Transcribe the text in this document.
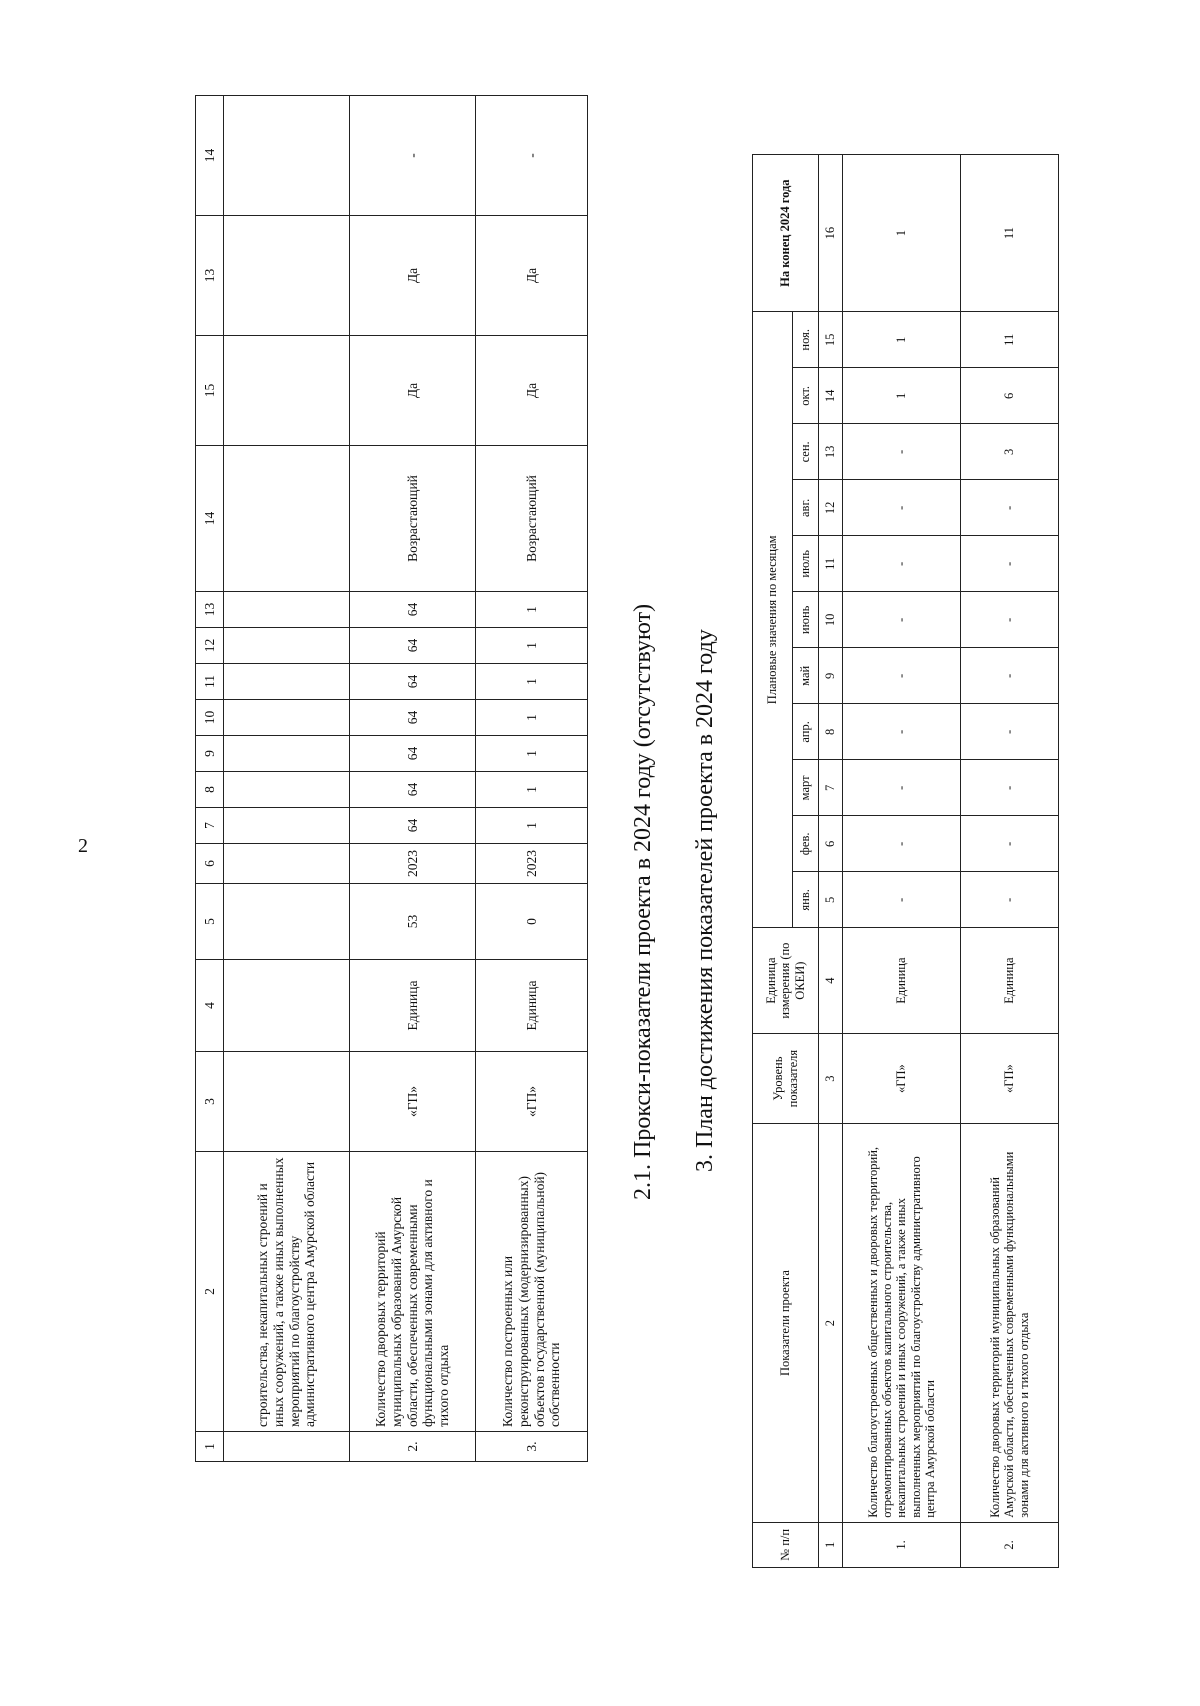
2
1	2	3	4	5	6	7	8	9	10	11	12	13	14	15	13	14
	строительства, некапитальных строений и иных сооружений, а также иных выполненных мероприятий по благоустройству административного центра Амурской области															
2.	Количество дворовых территорий муниципальных образований Амурской области, обеспеченных современными функциональными зонами для активного и тихого отдыха	«ГП»	Единица	53	2023	64	64	64	64	64	64	64	Возрастающий	Да	Да	-
3.	Количество построенных или реконструированных (модернизированных) объектов государственной (муниципальной) собственности	«ГП»	Единица	0	2023	1	1	1	1	1	1	1	Возрастающий	Да	Да	-
2.1. Прокси-показатели проекта в 2024 году (отсутствуют) 3. План достижения показателей проекта в 2024 году
№ п/п	Показатели проекта	Уровень показателя	Единица измерения (по ОКЕИ)	Плановые значения по месяцам											На конец 2024 года
				янв.	фев.	март	апр.	май	июнь	июль	авг.	сен.	окт.	ноя.	
1	2	3	4	5	6	7	8	9	10	11	12	13	14	15	16
1.	Количество благоустроенных общественных и дворовых территорий, отремонтированных объектов капитального строительства, некапитальных строений и иных сооружений, а также иных выполненных мероприятий по благоустройству административного центра Амурской области	«ГП»	Единица	-	-	-	-	-	-	-	-	-	1	1	1
2.	Количество дворовых территорий муниципальных образований Амурской области, обеспеченных современными функциональными зонами для активного и тихого отдыха	«ГП»	Единица	-	-	-	-	-	-	-	-	3	6	11	11
